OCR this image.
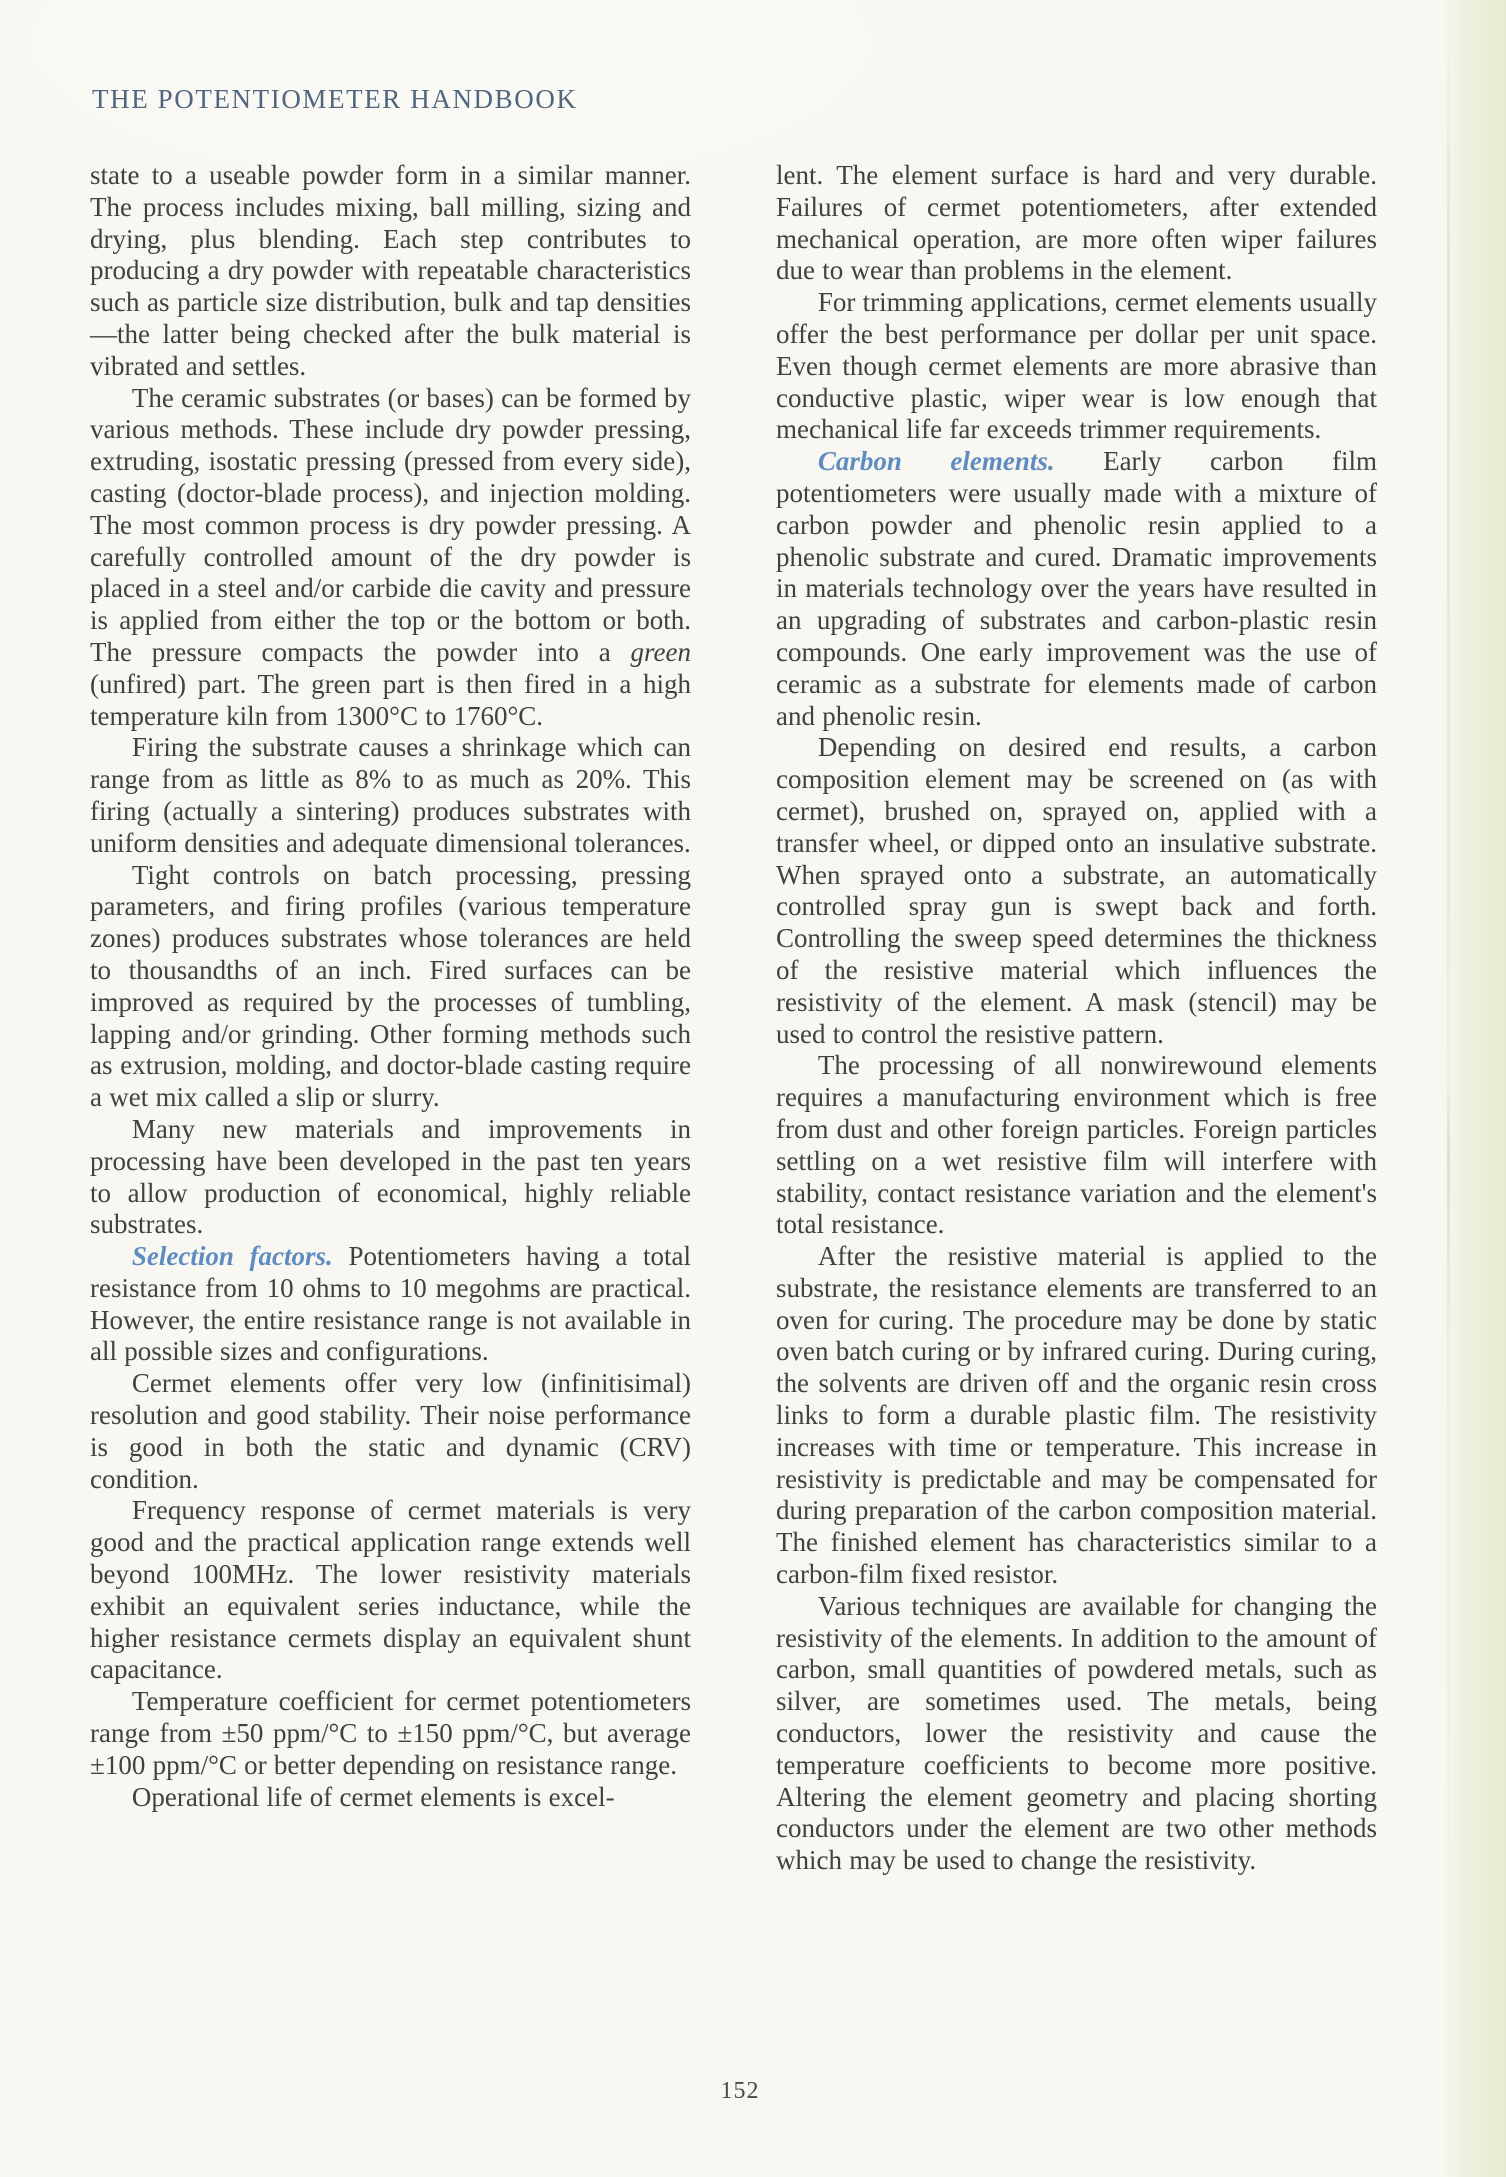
THE POTENTIOMETER HANDBOOK

state to a useable powder form in a similar manner. The process includes mixing, ball milling, sizing and drying, plus blending. Each step contributes to producing a dry powder with repeatable characteristics such as particle size distribution, bulk and tap densities—the latter being checked after the bulk material is vibrated and settles.

The ceramic substrates (or bases) can be formed by various methods. These include dry powder pressing, extruding, isostatic pressing (pressed from every side), casting (doctor-blade process), and injection molding. The most common process is dry powder pressing. A carefully controlled amount of the dry powder is placed in a steel and/or carbide die cavity and pressure is applied from either the top or the bottom or both. The pressure compacts the powder into a green (unfired) part. The green part is then fired in a high temperature kiln from 1300°C to 1760°C.

Firing the substrate causes a shrinkage which can range from as little as 8% to as much as 20%. This firing (actually a sintering) produces substrates with uniform densities and adequate dimensional tolerances.

Tight controls on batch processing, pressing parameters, and firing profiles (various temperature zones) produces substrates whose tolerances are held to thousandths of an inch. Fired surfaces can be improved as required by the processes of tumbling, lapping and/or grinding. Other forming methods such as extrusion, molding, and doctor-blade casting require a wet mix called a slip or slurry.

Many new materials and improvements in processing have been developed in the past ten years to allow production of economical, highly reliable substrates.

Selection factors. Potentiometers having a total resistance from 10 ohms to 10 megohms are practical. However, the entire resistance range is not available in all possible sizes and configurations.

Cermet elements offer very low (infinitisimal) resolution and good stability. Their noise performance is good in both the static and dynamic (CRV) condition.

Frequency response of cermet materials is very good and the practical application range extends well beyond 100MHz. The lower resistivity materials exhibit an equivalent series inductance, while the higher resistance cermets display an equivalent shunt capacitance.

Temperature coefficient for cermet potentiometers range from ±50 ppm/°C to ±150 ppm/°C, but average ±100 ppm/°C or better depending on resistance range.

Operational life of cermet elements is excel-

lent. The element surface is hard and very durable. Failures of cermet potentiometers, after extended mechanical operation, are more often wiper failures due to wear than problems in the element.

For trimming applications, cermet elements usually offer the best performance per dollar per unit space. Even though cermet elements are more abrasive than conductive plastic, wiper wear is low enough that mechanical life far exceeds trimmer requirements.

Carbon elements. Early carbon film potentiometers were usually made with a mixture of carbon powder and phenolic resin applied to a phenolic substrate and cured. Dramatic improvements in materials technology over the years have resulted in an upgrading of substrates and carbon-plastic resin compounds. One early improvement was the use of ceramic as a substrate for elements made of carbon and phenolic resin.

Depending on desired end results, a carbon composition element may be screened on (as with cermet), brushed on, sprayed on, applied with a transfer wheel, or dipped onto an insulative substrate. When sprayed onto a substrate, an automatically controlled spray gun is swept back and forth. Controlling the sweep speed determines the thickness of the resistive material which influences the resistivity of the element. A mask (stencil) may be used to control the resistive pattern.

The processing of all nonwirewound elements requires a manufacturing environment which is free from dust and other foreign particles. Foreign particles settling on a wet resistive film will interfere with stability, contact resistance variation and the element's total resistance.

After the resistive material is applied to the substrate, the resistance elements are transferred to an oven for curing. The procedure may be done by static oven batch curing or by infrared curing. During curing, the solvents are driven off and the organic resin cross links to form a durable plastic film. The resistivity increases with time or temperature. This increase in resistivity is predictable and may be compensated for during preparation of the carbon composition material. The finished element has characteristics similar to a carbon-film fixed resistor.

Various techniques are available for changing the resistivity of the elements. In addition to the amount of carbon, small quantities of powdered metals, such as silver, are sometimes used. The metals, being conductors, lower the resistivity and cause the temperature coefficients to become more positive. Altering the element geometry and placing shorting conductors under the element are two other methods which may be used to change the resistivity.

152
